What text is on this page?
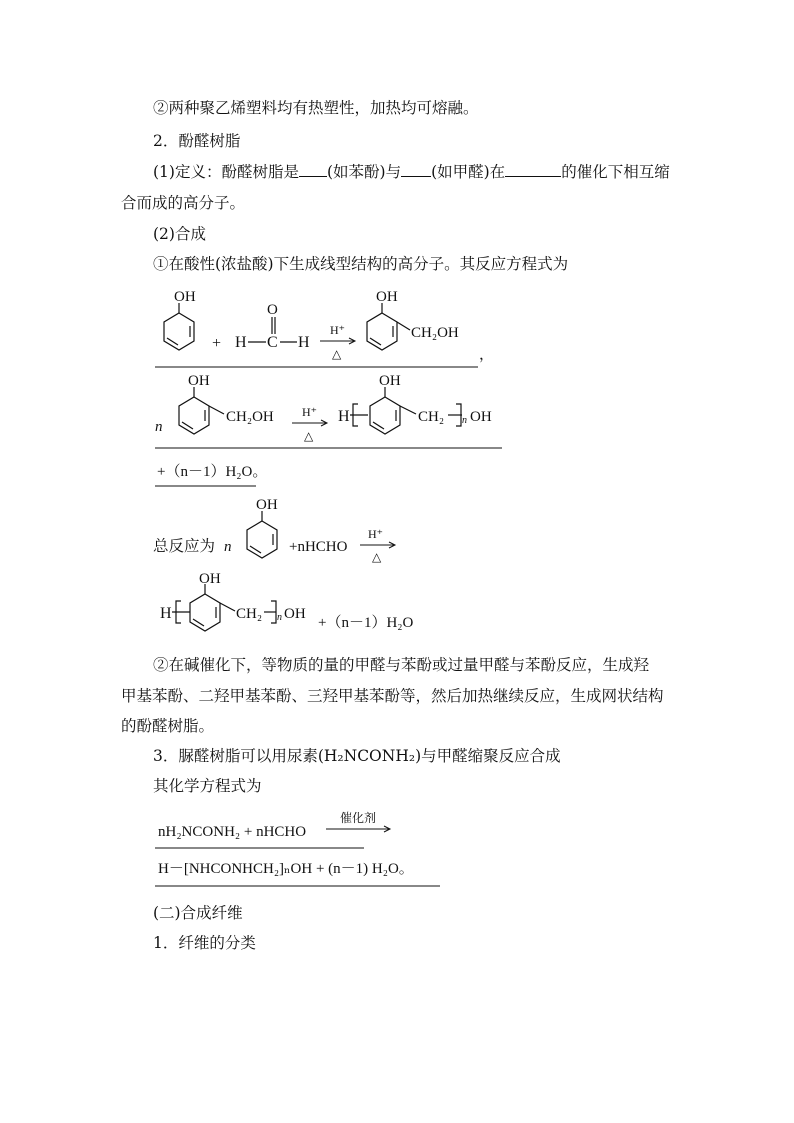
②两种聚乙烯塑料均有热塑性，加热均可熔融。
2．酚醛树脂
(1)定义：酚醛树脂是 (如苯酚)与 (如甲醛)在	的催化下相互缩
合而成的高分子。
(2)合成
①在酸性(浓盐酸)下生成线型结构的高分子。其反应方程式为
总反应为
②在碱催化下，等物质的量的甲醛与苯酚或过量甲醛与苯酚反应，生成羟
甲基苯酚、二羟甲基苯酚、三羟甲基苯酚等，然后加热继续反应，生成网状结构
的酚醛树脂。
3．脲醛树脂可以用尿素(H₂NCONH₂)与甲醛缩聚反应合成
其化学方程式为
(二)合成纤维
1．纤维的分类
OH
+ H C
O
H
H⁺
△
OH
CH₂OH
，
n
OH
CH₂OH H⁺
△
H
OH
CH₂ n OH
+（n－1）H₂O。
n
OH
+nHCHO
H⁺
△
H
OH
CH₂ n OH
+（n－1）H₂O
nH₂NCONH₂ + nHCHO
催化剂
H－[NHCONHCH₂]ₙOH + (n－1) H₂O。
